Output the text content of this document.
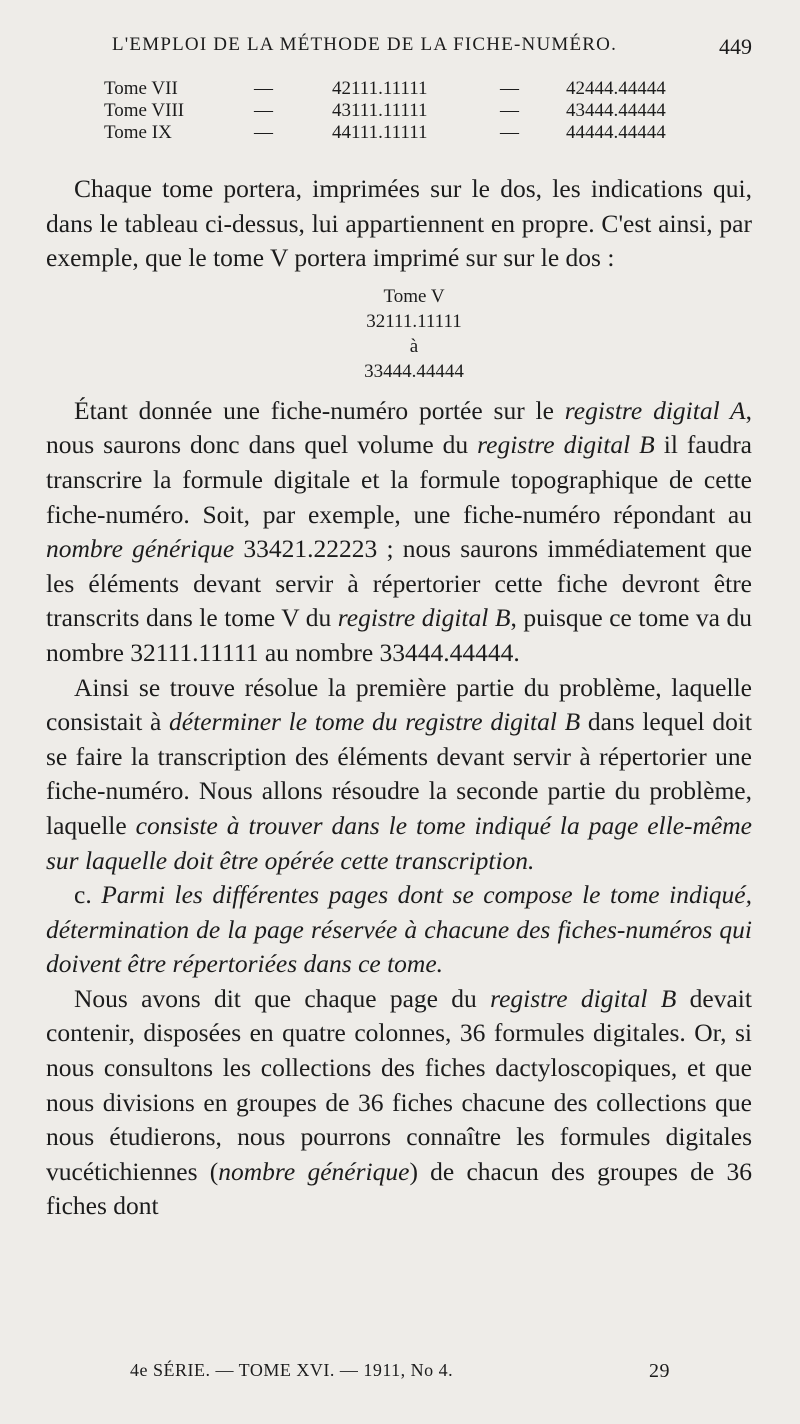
L'EMPLOI DE LA MÉTHODE DE LA FICHE-NUMÉRO.	449
Tome VII	—	42111.11111	— 42444.44444
Tome VIII	—	43111.11111	— 43444.44444
Tome IX	—	44111.11111	— 44444.44444

Chaque tome portera, imprimées sur le dos, les indications qui, dans le tableau ci-dessus, lui appartiennent en propre. C'est ainsi, par exemple, que le tome V portera imprimé sur sur le dos :

Tome V
32111.11111
à
33444.44444

Étant donnée une fiche-numéro portée sur le registre digital A, nous saurons donc dans quel volume du registre digital B il faudra transcrire la formule digitale et la formule topographique de cette fiche-numéro. Soit, par exemple, une fiche-numéro répondant au nombre générique 33421.22223 ; nous saurons immédiatement que les éléments devant servir à répertorier cette fiche devront être transcrits dans le tome V du registre digital B, puisque ce tome va du nombre 32111.11111 au nombre 33444.44444.

Ainsi se trouve résolue la première partie du problème, laquelle consistait à déterminer le tome du registre digital B dans lequel doit se faire la transcription des éléments devant servir à répertorier une fiche-numéro. Nous allons résoudre la seconde partie du problème, laquelle consiste à trouver dans le tome indiqué la page elle-même sur laquelle doit être opérée cette transcription.

c. Parmi les différentes pages dont se compose le tome indiqué, détermination de la page réservée à chacune des fiches-numéros qui doivent être répertoriées dans ce tome.

Nous avons dit que chaque page du registre digital B devait contenir, disposées en quatre colonnes, 36 formules digitales. Or, si nous consultons les collections des fiches dactyloscopiques, et que nous divisions en groupes de 36 fiches chacune des collections que nous étudierons, nous pourrons connaître les formules digitales vucétichiennes (nombre générique) de chacun des groupes de 36 fiches dont

4e SÉRIE. — TOME XVI. — 1911, No 4.	29
